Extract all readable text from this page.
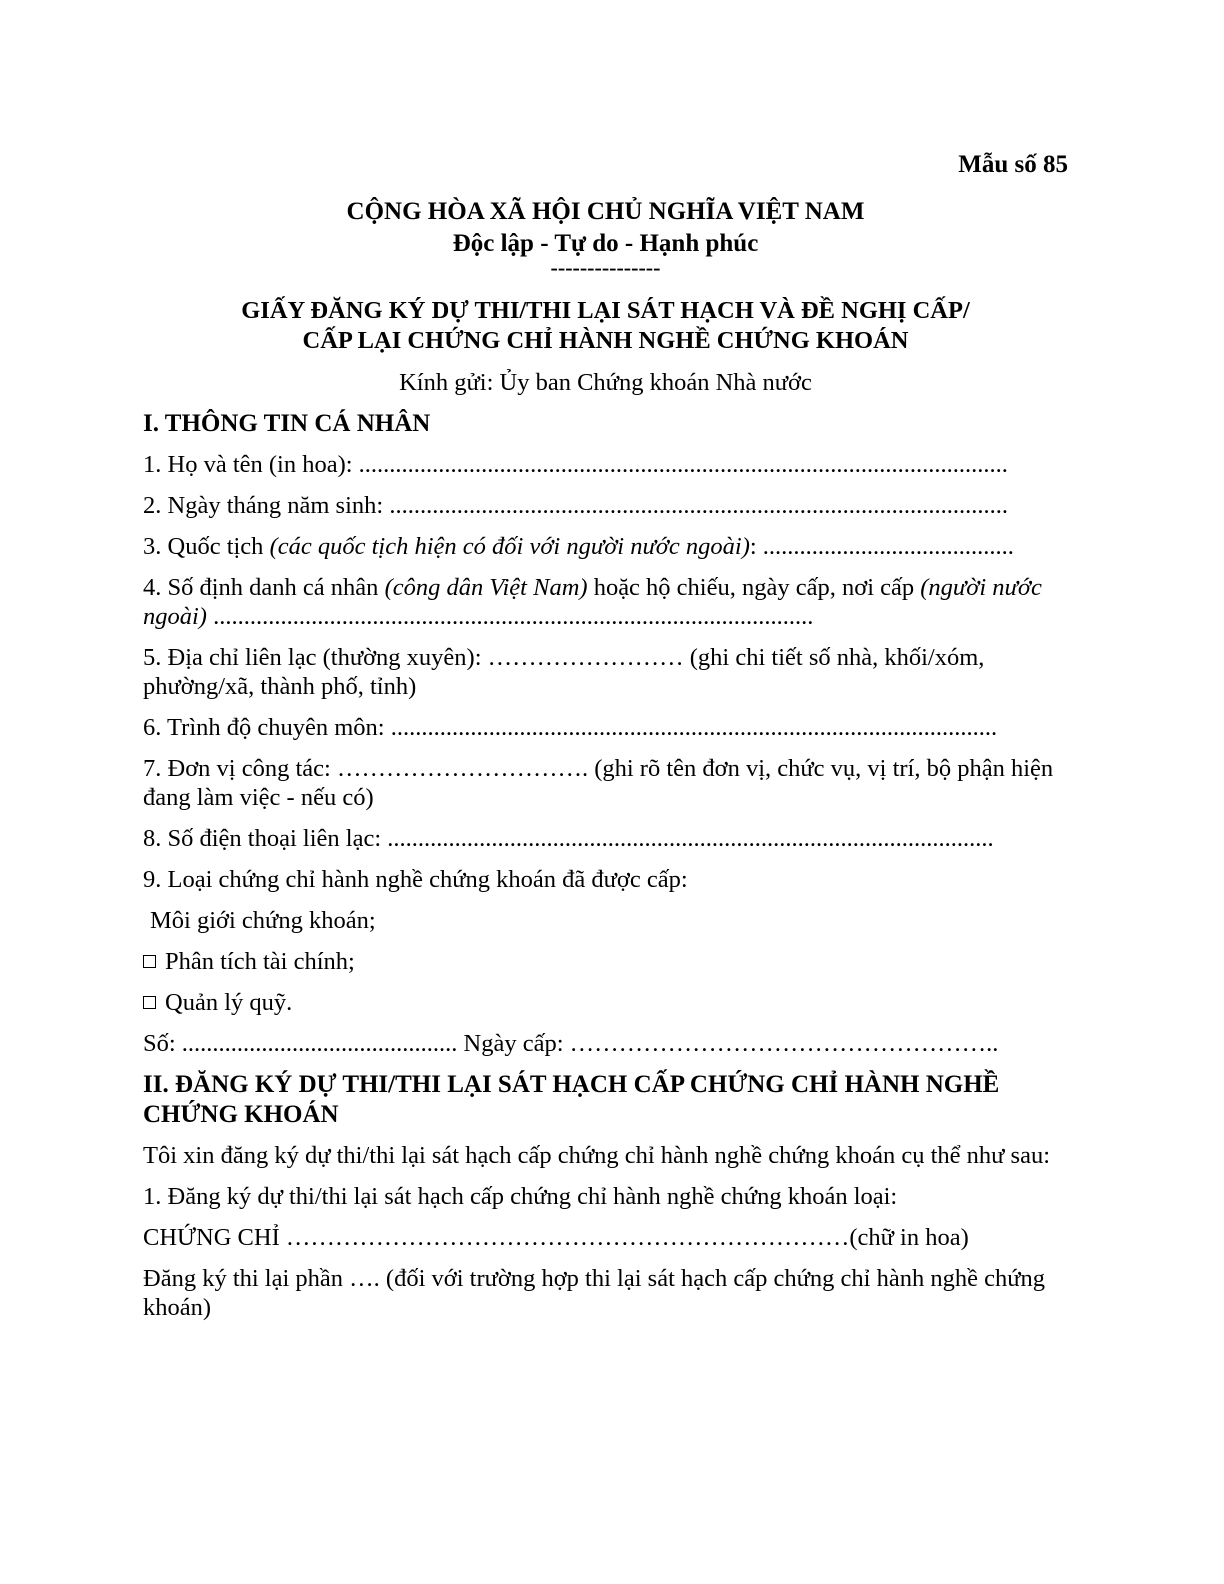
Mẫu số 85

CỘNG HÒA XÃ HỘI CHỦ NGHĨA VIỆT NAM

Độc lập - Tự do - Hạnh phúc

---------------

GIẤY ĐĂNG KÝ DỰ THI/THI LẠI SÁT HẠCH VÀ ĐỀ NGHỊ CẤP/

CẤP LẠI CHỨNG CHỈ HÀNH NGHỀ CHỨNG KHOÁN

Kính gửi: Ủy ban Chứng khoán Nhà nước

I. THÔNG TIN CÁ NHÂN

1. Họ và tên (in hoa): ..........................................................................................................

2. Ngày tháng năm sinh: .....................................................................................................

3. Quốc tịch (các quốc tịch hiện có đối với người nước ngoài): .........................................

4. Số định danh cá nhân (công dân Việt Nam) hoặc hộ chiếu, ngày cấp, nơi cấp (người nước ngoài) ..................................................................................................

5. Địa chỉ liên lạc (thường xuyên): …………………… (ghi chi tiết số nhà, khối/xóm, phường/xã, thành phố, tỉnh)

6. Trình độ chuyên môn: ...................................................................................................

7. Đơn vị công tác: …………………………. (ghi rõ tên đơn vị, chức vụ, vị trí, bộ phận hiện đang làm việc - nếu có)

8. Số điện thoại liên lạc: ...................................................................................................

9. Loại chứng chỉ hành nghề chứng khoán đã được cấp:

Môi giới chứng khoán;

Phân tích tài chính;

Quản lý quỹ.

Số: ............................................. Ngày cấp: ……………………………………………..

II. ĐĂNG KÝ DỰ THI/THI LẠI SÁT HẠCH CẤP CHỨNG CHỈ HÀNH NGHỀ CHỨNG KHOÁN

Tôi xin đăng ký dự thi/thi lại sát hạch cấp chứng chỉ hành nghề chứng khoán cụ thể như sau:

1. Đăng ký dự thi/thi lại sát hạch cấp chứng chỉ hành nghề chứng khoán loại:

CHỨNG CHỈ ……………………………………………………………(chữ in hoa)

Đăng ký thi lại phần …. (đối với trường hợp thi lại sát hạch cấp chứng chỉ hành nghề chứng khoán)
